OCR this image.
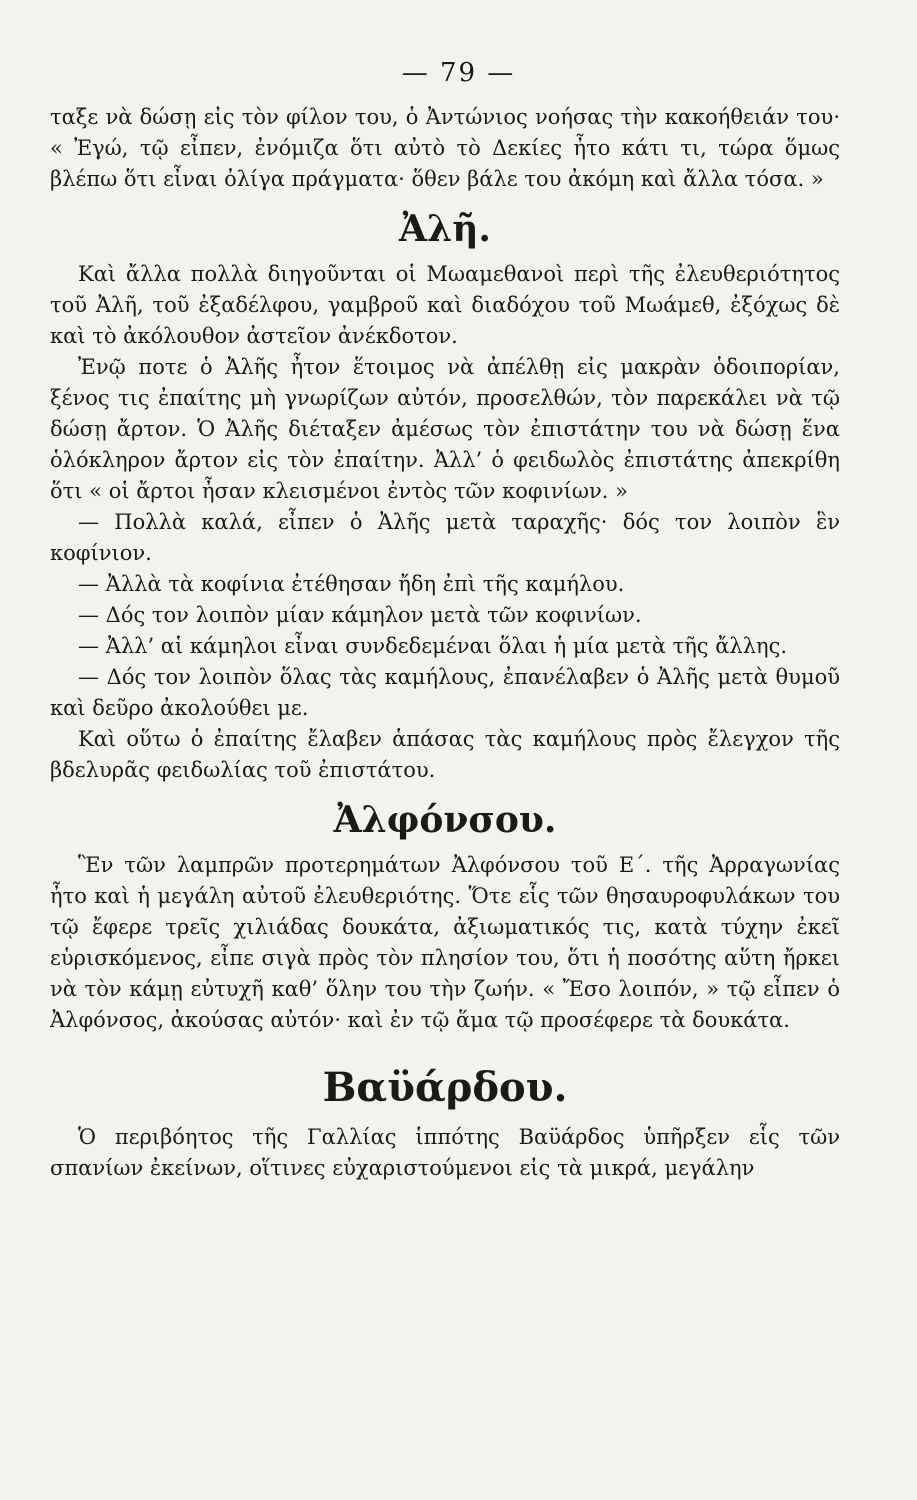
— 79 —

ταξε νὰ δώσῃ εἰς τὸν φίλον του, ὁ Ἀντώνιος νοήσας τὴν κακοήθειάν του· « Ἐγώ, τῷ εἶπεν, ἐνόμιζα ὅτι αὐτὸ τὸ Δεκίες ἦτο κάτι τι, τώρα ὅμως βλέπω ὅτι εἶναι ὀλίγα πράγματα· ὅθεν βάλε του ἀκόμη καὶ ἄλλα τόσα. »

Ἀλῆ.

Καὶ ἄλλα πολλὰ διηγοῦνται οἱ Μωαμεθανοὶ περὶ τῆς ἐλευθεριότητος τοῦ Ἀλῆ, τοῦ ἐξαδέλφου, γαμβροῦ καὶ διαδόχου τοῦ Μωάμεθ, ἐξόχως δὲ καὶ τὸ ἀκόλουθον ἀστεῖον ἀνέκδοτον.

Ἐνῷ ποτε ὁ Ἀλῆς ἦτον ἕτοιμος νὰ ἀπέλθῃ εἰς μακρὰν ὁδοιπορίαν, ξένος τις ἐπαίτης μὴ γνωρίζων αὐτόν, προσελθών, τὸν παρεκάλει νὰ τῷ δώσῃ ἄρτον. Ὁ Ἀλῆς διέταξεν ἀμέσως τὸν ἐπιστάτην του νὰ δώσῃ ἕνα ὁλόκληρον ἄρτον εἰς τὸν ἐπαίτην. Ἀλλ’ ὁ φειδωλὸς ἐπιστάτης ἀπεκρίθη ὅτι « οἱ ἄρτοι ἦσαν κλεισμένοι ἐντὸς τῶν κοφινίων. »

— Πολλὰ καλά, εἶπεν ὁ Ἀλῆς μετὰ ταραχῆς· δός τον λοιπὸν ἓν κοφίνιον.

— Ἀλλὰ τὰ κοφίνια ἐτέθησαν ἤδη ἐπὶ τῆς καμήλου.

— Δός τον λοιπὸν μίαν κάμηλον μετὰ τῶν κοφινίων.

— Ἀλλ’ αἱ κάμηλοι εἶναι συνδεδεμέναι ὅλαι ἡ μία μετὰ τῆς ἄλλης.

— Δός τον λοιπὸν ὅλας τὰς καμήλους, ἐπανέλαβεν ὁ Ἀλῆς μετὰ θυμοῦ καὶ δεῦρο ἀκολούθει με.

Καὶ οὕτω ὁ ἐπαίτης ἔλαβεν ἁπάσας τὰς καμήλους πρὸς ἔλεγχον τῆς βδελυρᾶς φειδωλίας τοῦ ἐπιστάτου.

Ἀλφόνσου.

Ἓν τῶν λαμπρῶν προτερημάτων Ἀλφόνσου τοῦ Ε΄. τῆς Ἀρραγωνίας ἦτο καὶ ἡ μεγάλη αὐτοῦ ἐλευθεριότης. Ὅτε εἷς τῶν θησαυροφυλάκων του τῷ ἔφερε τρεῖς χιλιάδας δουκάτα, ἀξιωματικός τις, κατὰ τύχην ἐκεῖ εὑρισκόμενος, εἶπε σιγὰ πρὸς τὸν πλησίον του, ὅτι ἡ ποσότης αὕτη ἤρκει νὰ τὸν κάμῃ εὐτυχῆ καθ’ ὅλην του τὴν ζωήν. « Ἔσο λοιπόν, » τῷ εἶπεν ὁ Ἀλφόνσος, ἀκούσας αὐτόν· καὶ ἐν τῷ ἅμα τῷ προσέφερε τὰ δουκάτα.

Βαϋάρδου.

Ὁ περιβόητος τῆς Γαλλίας ἱππότης Βαϋάρδος ὑπῆρξεν εἷς τῶν σπανίων ἐκείνων, οἵτινες εὐχαριστούμενοι εἰς τὰ μικρά, μεγάλην
